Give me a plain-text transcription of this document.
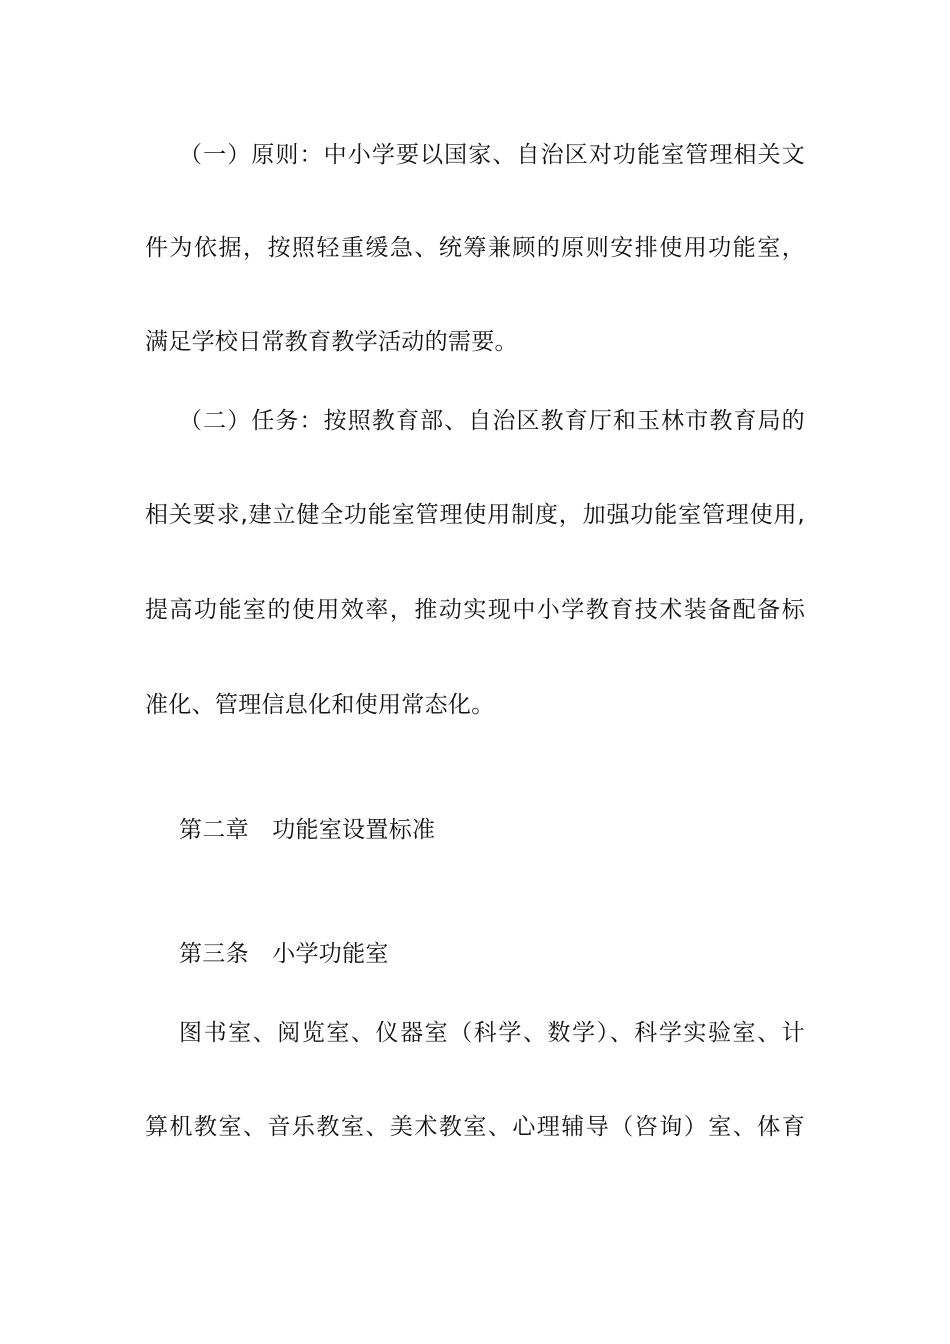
（一）原则：中小学要以国家、自治区对功能室管理相关文
件为依据，按照轻重缓急、统筹兼顾的原则安排使用功能室，
满足学校日常教育教学活动的需要。
（二）任务：按照教育部、自治区教育厅和玉林市教育局的
相关要求,建立健全功能室管理使用制度，加强功能室管理使用,
提高功能室的使用效率，推动实现中小学教育技术装备配备标
准化、管理信息化和使用常态化。
第二章　功能室设置标准
第三条　小学功能室
图书室、阅览室、仪器室（科学、数学）、科学实验室、计
算机教室、音乐教室、美术教室、心理辅导（咨询）室、体育
